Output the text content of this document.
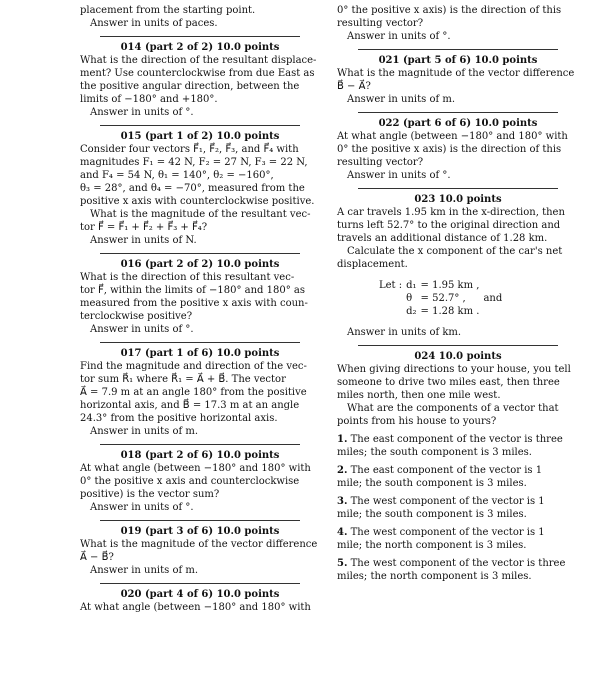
placement from the starting point.

Answer in units of paces.

014 (part 2 of 2) 10.0 points

What is the direction of the resultant displace-

ment? Use counterclockwise from due East as

the positive angular direction, between the

limits of −180° and +180°.

Answer in units of °.

015 (part 1 of 2) 10.0 points

Consider four vectors F⃗₁, F⃗₂, F⃗₃, and F⃗₄ with

magnitudes F₁ = 42 N, F₂ = 27 N, F₃ = 22 N,

and F₄ = 54 N, θ₁ = 140°, θ₂ = −160°,

θ₃ = 28°, and θ₄ = −70°, measured from the

positive x axis with counterclockwise positive.

What is the magnitude of the resultant vec-

tor F⃗ = F⃗₁ + F⃗₂ + F⃗₃ + F⃗₄?

Answer in units of N.

016 (part 2 of 2) 10.0 points

What is the direction of this resultant vec-

tor F⃗, within the limits of −180° and 180° as

measured from the positive x axis with coun-

terclockwise positive?

Answer in units of °.

017 (part 1 of 6) 10.0 points

Find the magnitude and direction of the vec-

tor sum R⃗₁ where R⃗₁ = A⃗ + B⃗. The vector

A⃗ = 7.9 m at an angle 180° from the positive

horizontal axis, and B⃗ = 17.3 m at an angle

24.3° from the positive horizontal axis.

Answer in units of m.

018 (part 2 of 6) 10.0 points

At what angle (between −180° and 180° with

0° the positive x axis and counterclockwise

positive) is the vector sum?

Answer in units of °.

019 (part 3 of 6) 10.0 points

What is the magnitude of the vector difference

A⃗ − B⃗?

Answer in units of m.

020 (part 4 of 6) 10.0 points

At what angle (between −180° and 180° with

0° the positive x axis) is the direction of this

resulting vector?

Answer in units of °.

021 (part 5 of 6) 10.0 points

What is the magnitude of the vector difference

B⃗ − A⃗?

Answer in units of m.

022 (part 6 of 6) 10.0 points

At what angle (between −180° and 180° with

0° the positive x axis) is the direction of this

resulting vector?

Answer in units of °.

023 10.0 points

A car travels 1.95 km in the x-direction, then

turns left 52.7° to the original direction and

travels an additional distance of 1.28 km.

Calculate the x component of the car's net

displacement.

Let :	d₁	= 1.95 km ,	
	θ	= 52.7° ,	and
	d₂	= 1.28 km .	

Answer in units of km.

024 10.0 points

When giving directions to your house, you tell

someone to drive two miles east, then three

miles north, then one mile west.

What are the components of a vector that

points from his house to yours?

1. The east component of the vector is three

miles; the south component is 3 miles.

2. The east component of the vector is 1

mile; the south component is 3 miles.

3. The west component of the vector is 1

mile; the south component is 3 miles.

4. The west component of the vector is 1

mile; the north component is 3 miles.

5. The west component of the vector is three

miles; the north component is 3 miles.
